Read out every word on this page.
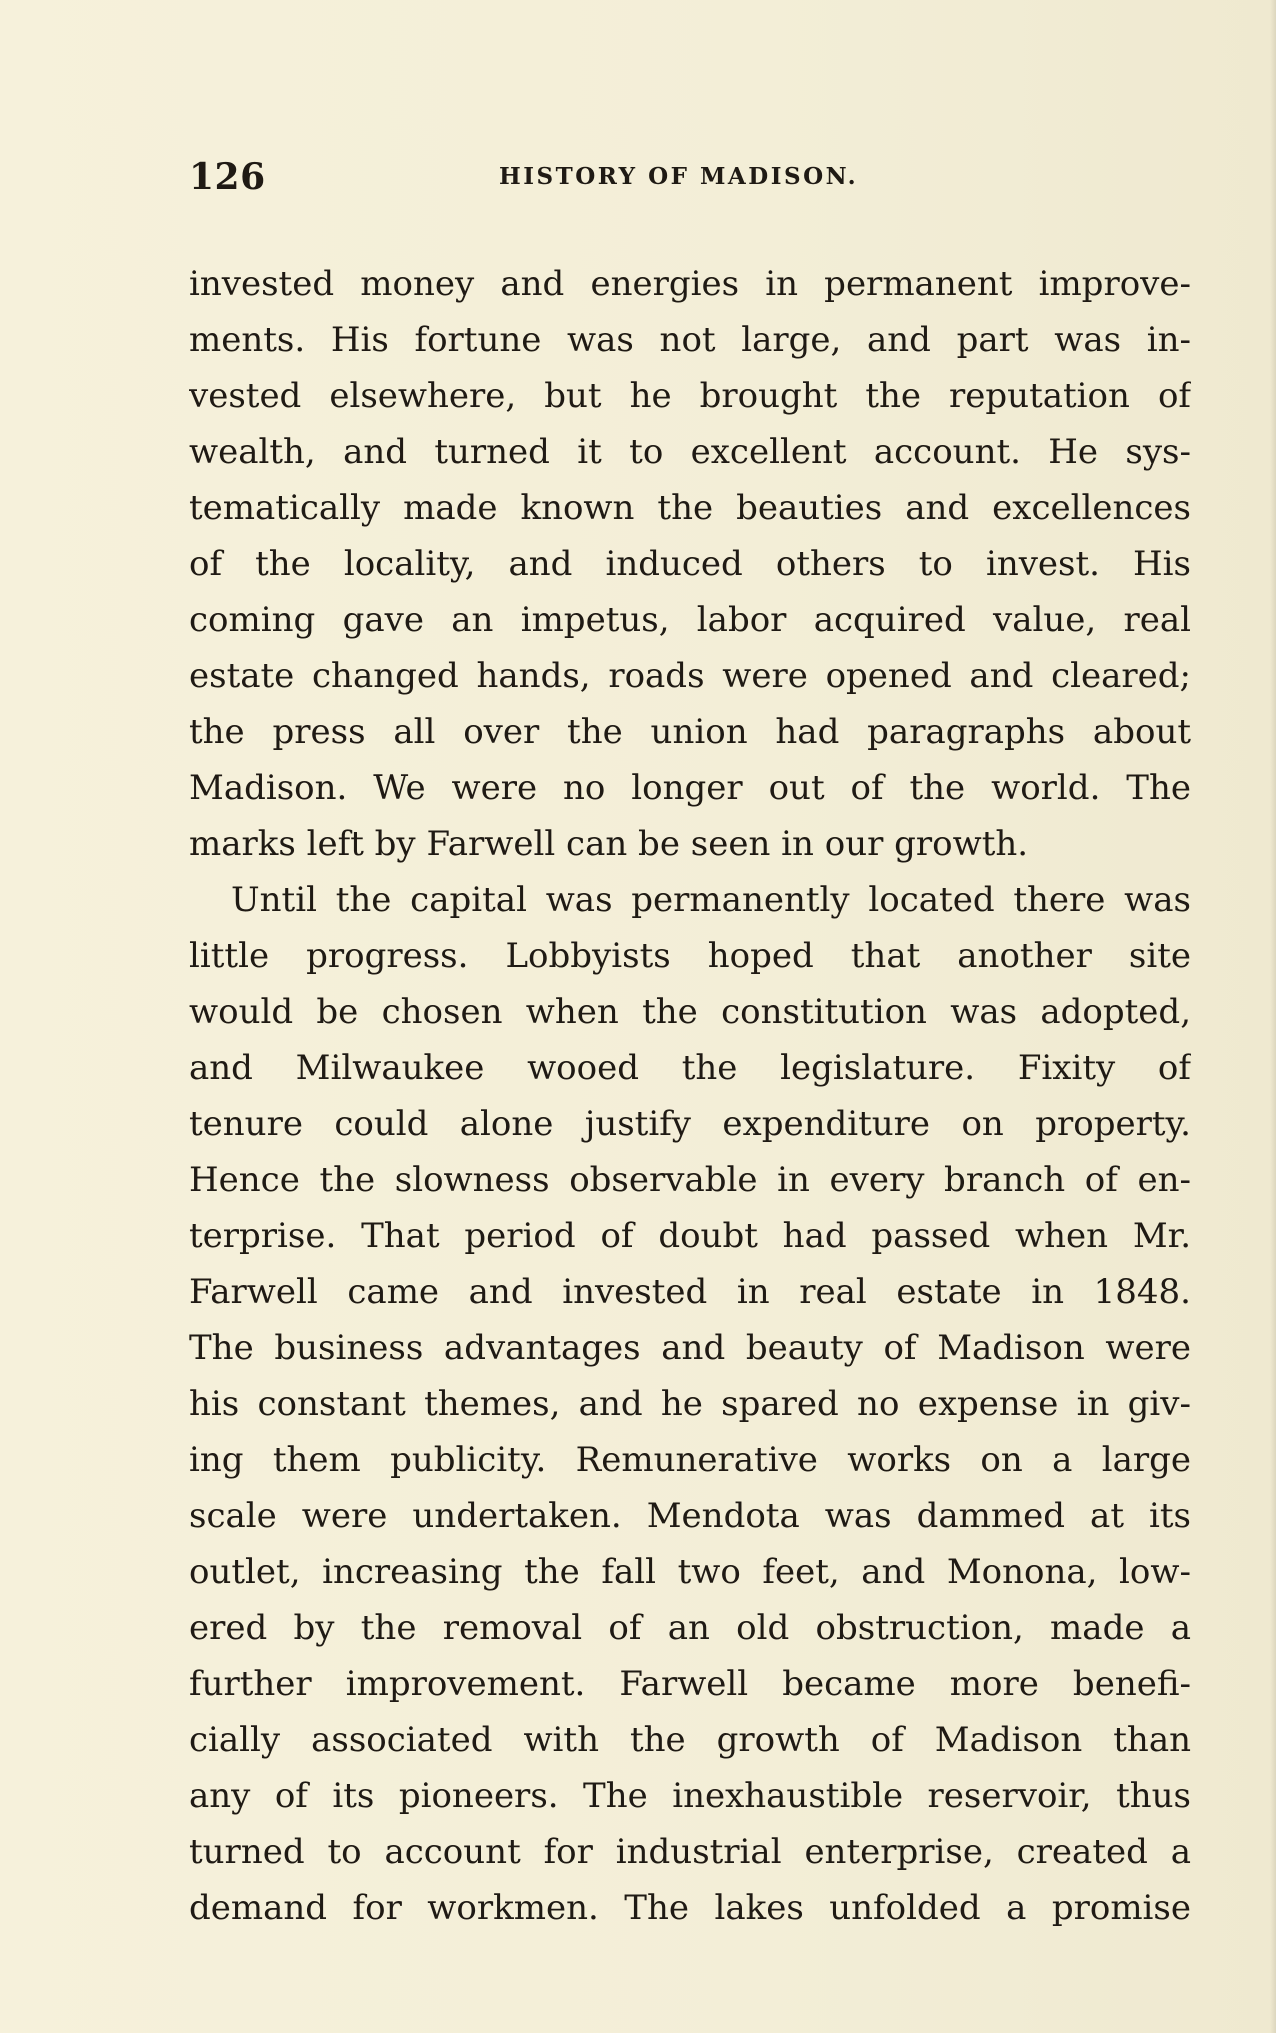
126	HISTORY OF MADISON.
invested money and energies in permanent improve-
ments. His fortune was not large, and part was in-
vested elsewhere, but he brought the reputation of
wealth, and turned it to excellent account. He sys-
tematically made known the beauties and excellences
of the locality, and induced others to invest. His
coming gave an impetus, labor acquired value, real
estate changed hands, roads were opened and cleared;
the press all over the union had paragraphs about
Madison. We were no longer out of the world. The
marks left by Farwell can be seen in our growth.
Until the capital was permanently located there was
little progress. Lobbyists hoped that another site
would be chosen when the constitution was adopted,
and Milwaukee wooed the legislature. Fixity of
tenure could alone justify expenditure on property.
Hence the slowness observable in every branch of en-
terprise. That period of doubt had passed when Mr.
Farwell came and invested in real estate in 1848.
The business advantages and beauty of Madison were
his constant themes, and he spared no expense in giv-
ing them publicity. Remunerative works on a large
scale were undertaken. Mendota was dammed at its
outlet, increasing the fall two feet, and Monona, low-
ered by the removal of an old obstruction, made a
further improvement. Farwell became more benefi-
cially associated with the growth of Madison than
any of its pioneers. The inexhaustible reservoir, thus
turned to account for industrial enterprise, created a
demand for workmen. The lakes unfolded a promise
